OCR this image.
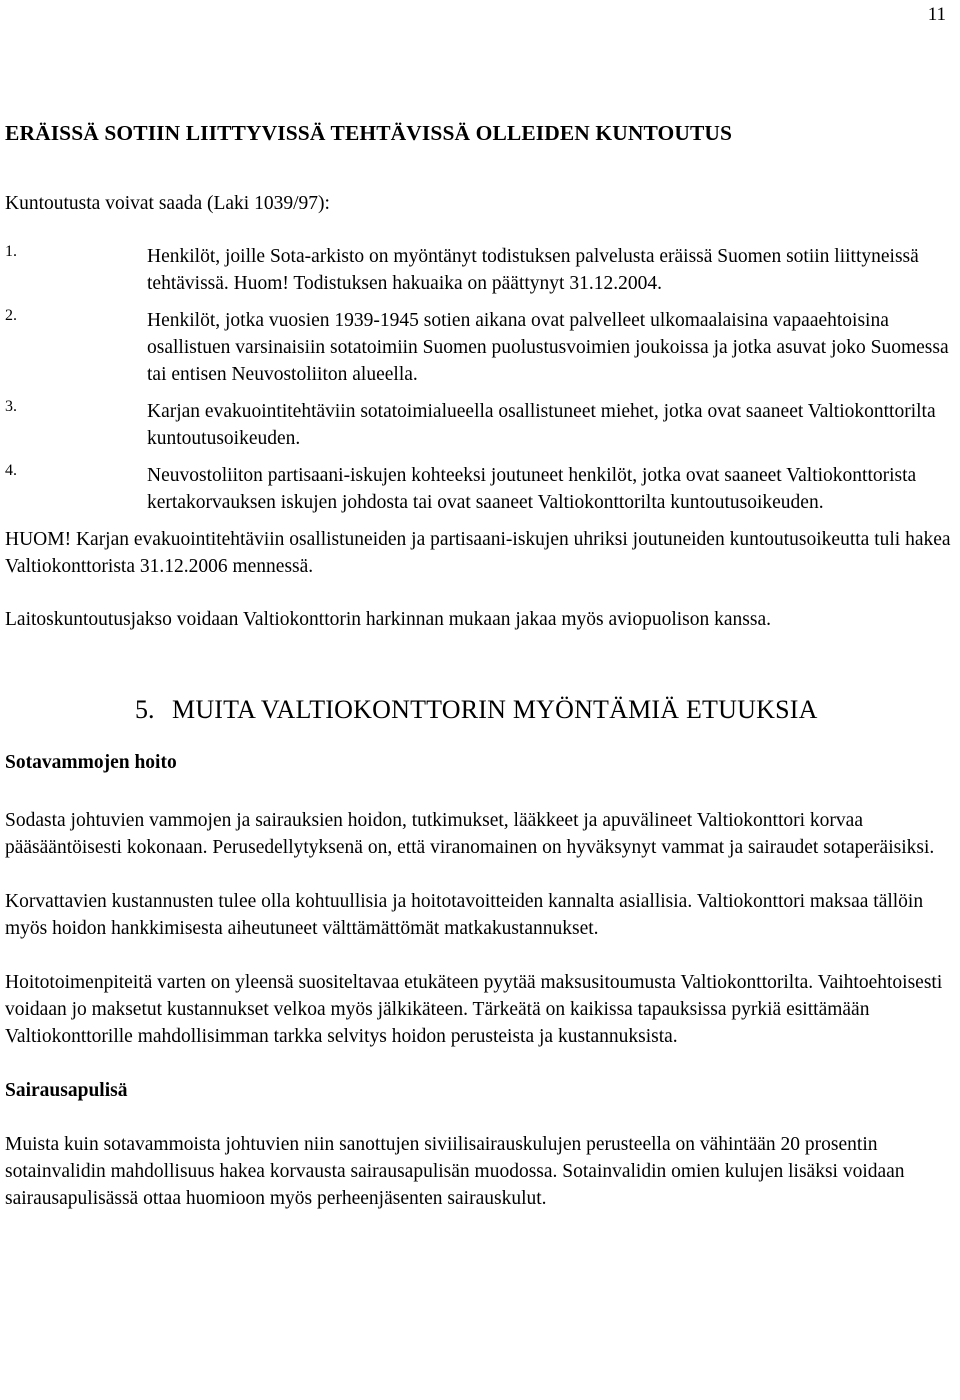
11

ERÄISSÄ SOTIIN LIITTYVISSÄ TEHTÄVISSÄ OLLEIDEN KUNTOUTUS

Kuntoutusta voivat saada (Laki 1039/97):

1.	Henkilöt, joille Sota-arkisto on myöntänyt todistuksen palvelusta eräissä Suomen sotiin liittyneissä tehtävissä. Huom! Todistuksen hakuaika on päättynyt 31.12.2004.
2.	Henkilöt, jotka vuosien 1939-1945 sotien aikana ovat palvelleet ulkomaalaisina vapaaehtoisina osallistuen varsinaisiin sotatoimiin Suomen puolustusvoimien joukoissa ja jotka asuvat joko Suomessa tai entisen Neuvostoliiton alueella.
3.	Karjan evakuointitehtäviin sotatoimialueella osallistuneet miehet, jotka ovat saaneet Valtiokonttorilta kuntoutusoikeuden.
4.	Neuvostoliiton partisaani-iskujen kohteeksi joutuneet henkilöt, jotka ovat saaneet Valtiokonttorista kertakorvauksen iskujen johdosta tai ovat saaneet Valtiokonttorilta kuntoutusoikeuden.

HUOM! Karjan evakuointitehtäviin osallistuneiden ja partisaani-iskujen uhriksi joutuneiden kuntoutusoikeutta tuli hakea Valtiokonttorista 31.12.2006 mennessä.

Laitoskuntoutusjakso voidaan Valtiokonttorin harkinnan mukaan jakaa myös aviopuolison kanssa.

5. MUITA VALTIOKONTTORIN MYÖNTÄMIÄ ETUUKSIA
Sotavammojen hoito

Sodasta johtuvien vammojen ja sairauksien hoidon, tutkimukset, lääkkeet ja apuvälineet Valtiokonttori korvaa pääsääntöisesti kokonaan. Perusedellytyksenä on, että viranomainen on hyväksynyt vammat ja sairaudet sotaperäisiksi.

Korvattavien kustannusten tulee olla kohtuullisia ja hoitotavoitteiden kannalta asiallisia. Valtiokonttori maksaa tällöin myös hoidon hankkimisesta aiheutuneet välttämättömät matkakustannukset.

Hoitotoimenpiteitä varten on yleensä suositeltavaa etukäteen pyytää maksusitoumusta Valtiokonttorilta. Vaihtoehtoisesti voidaan jo maksetut kustannukset velkoa myös jälkikäteen. Tärkeätä on kaikissa tapauksissa pyrkiä esittämään Valtiokonttorille mahdollisimman tarkka selvitys hoidon perusteista ja kustannuksista.

Sairausapulisä

Muista kuin sotavammoista johtuvien niin sanottujen siviilisairauskulujen perusteella on vähintään 20 prosentin sotainvalidin mahdollisuus hakea korvausta sairausapulisän muodossa. Sotainvalidin omien kulujen lisäksi voidaan sairausapulisässä ottaa huomioon myös perheenjäsenten sairauskulut.
